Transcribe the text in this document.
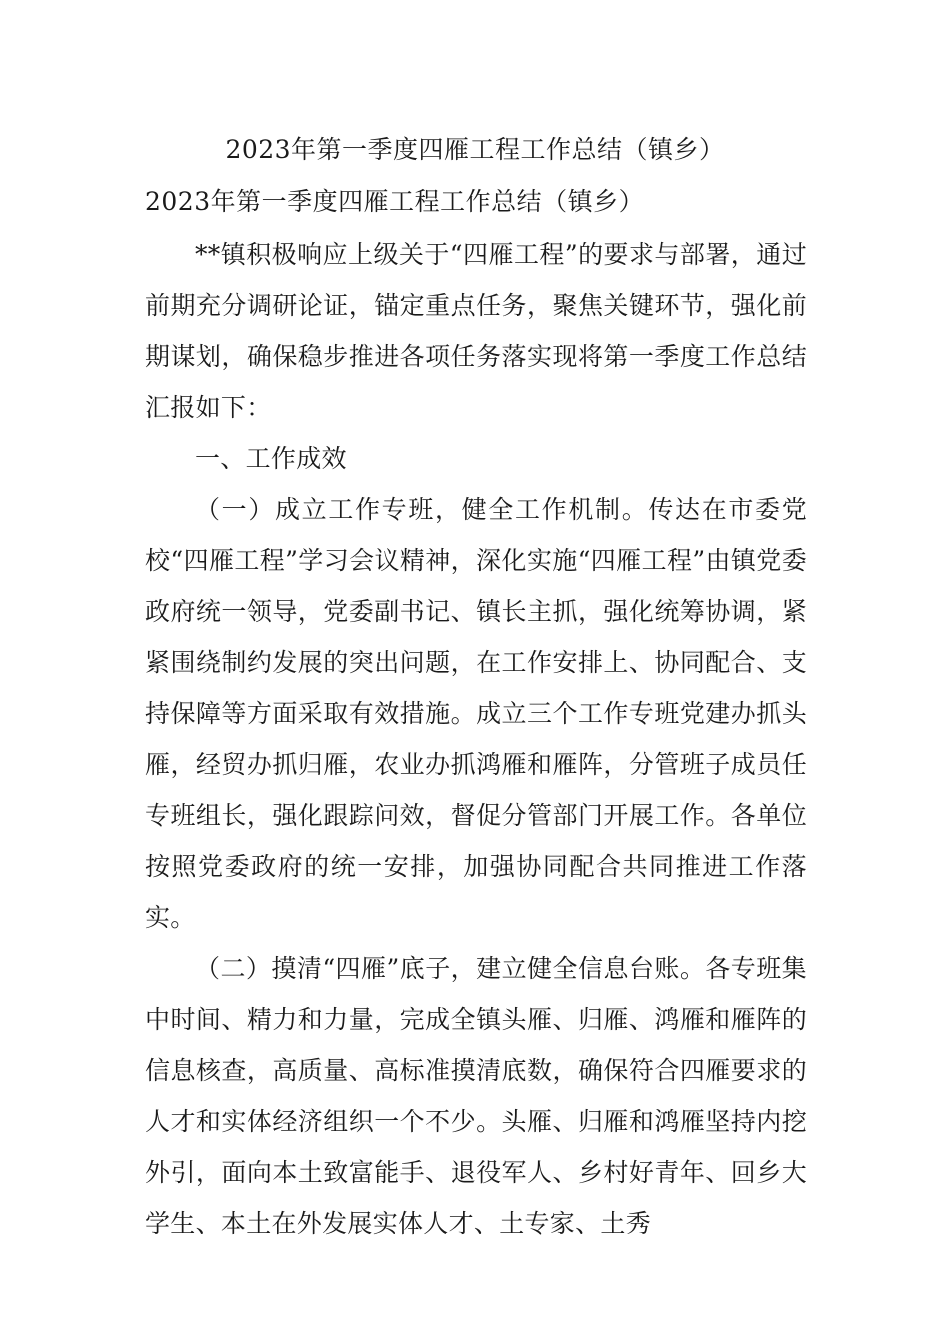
2023年第一季度四雁工程工作总结（镇乡）
2023年第一季度四雁工程工作总结（镇乡）

**镇积极响应上级关于“四雁工程”的要求与部署，通过前期充分调研论证，锚定重点任务，聚焦关键环节，强化前期谋划，确保稳步推进各项任务落实现将第一季度工作总结汇报如下：

一、工作成效

（一）成立工作专班，健全工作机制。传达在市委党校“四雁工程”学习会议精神，深化实施“四雁工程”由镇党委政府统一领导，党委副书记、镇长主抓，强化统筹协调，紧紧围绕制约发展的突出问题，在工作安排上、协同配合、支持保障等方面采取有效措施。成立三个工作专班党建办抓头雁，经贸办抓归雁，农业办抓鸿雁和雁阵，分管班子成员任专班组长，强化跟踪问效，督促分管部门开展工作。各单位按照党委政府的统一安排，加强协同配合共同推进工作落实。

（二）摸清“四雁”底子，建立健全信息台账。各专班集中时间、精力和力量，完成全镇头雁、归雁、鸿雁和雁阵的信息核查，高质量、高标准摸清底数，确保符合四雁要求的人才和实体经济组织一个不少。头雁、归雁和鸿雁坚持内挖外引，面向本土致富能手、退役军人、乡村好青年、回乡大学生、本土在外发展实体人才、土专家、土秀
